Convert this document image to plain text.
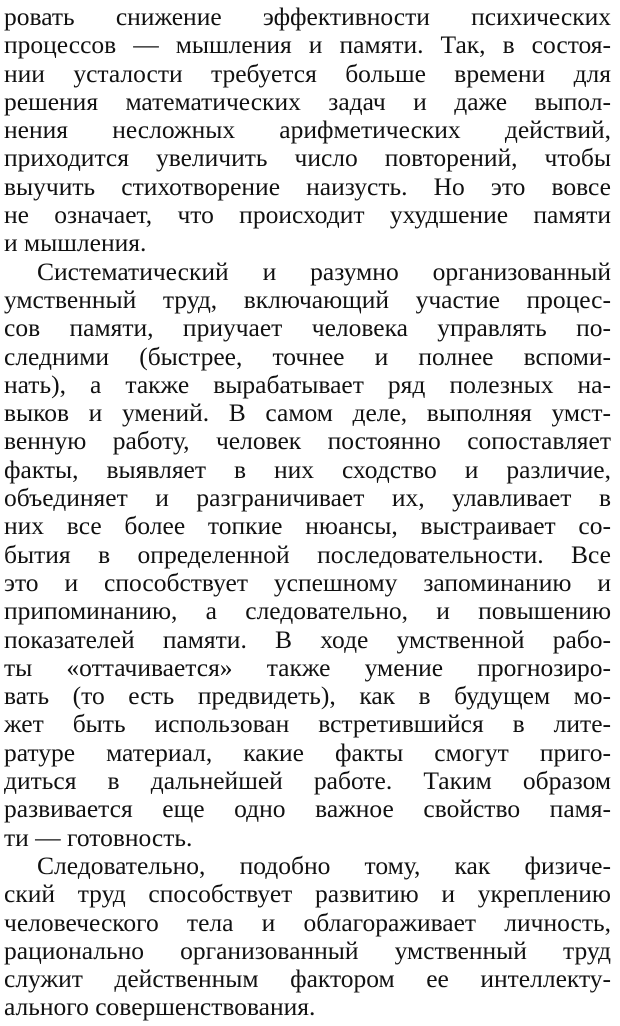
ровать снижение эффективности психических
процессов — мышления и памяти. Так, в состоя-
нии усталости требуется больше времени для
решения математических задач и даже выпол-
нения несложных арифметических действий,
приходится увеличить число повторений, чтобы
выучить стихотворение наизусть. Но это вовсе
не означает, что происходит ухудшение памяти
и мышления.
Систематический и разумно организованный
умственный труд, включающий участие процес-
сов памяти, приучает человека управлять по-
следними (быстрее, точнее и полнее вспоми-
нать), а также вырабатывает ряд полезных на-
выков и умений. В самом деле, выполняя умст-
венную работу, человек постоянно сопоставляет
факты, выявляет в них сходство и различие,
объединяет и разграничивает их, улавливает в
них все более топкие нюансы, выстраивает со-
бытия в определенной последовательности. Все
это и способствует успешному запоминанию и
припоминанию, а следовательно, и повышению
показателей памяти. В ходе умственной рабо-
ты «оттачивается» также умение прогнозиро-
вать (то есть предвидеть), как в будущем мо-
жет быть использован встретившийся в лите-
ратуре материал, какие факты смогут приго-
диться в дальнейшей работе. Таким образом
развивается еще одно важное свойство памя-
ти — готовность.
Следовательно, подобно тому, как физиче-
ский труд способствует развитию и укреплению
человеческого тела и облагораживает личность,
рационально организованный умственный труд
служит действенным фактором ее интеллекту-
ального совершенствования.
